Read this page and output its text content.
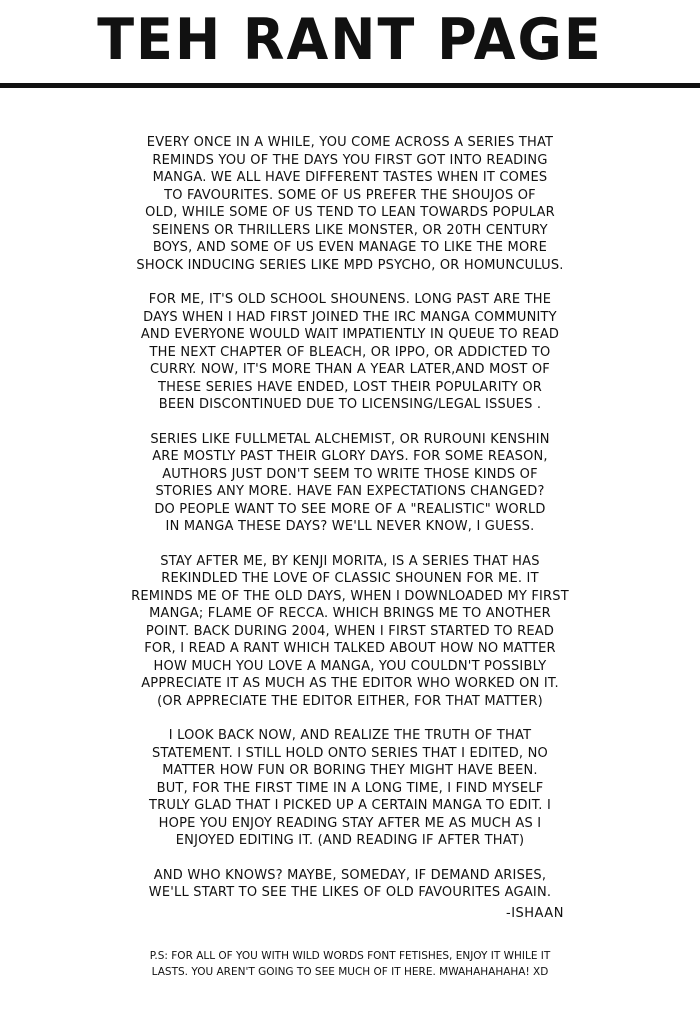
TEH RANT PAGE
EVERY ONCE IN A WHILE, YOU COME ACROSS A SERIES THAT
REMINDS YOU OF THE DAYS YOU FIRST GOT INTO READING
MANGA. WE ALL HAVE DIFFERENT TASTES WHEN IT COMES
TO FAVOURITES. SOME OF US PREFER THE SHOUJOS OF
OLD, WHILE SOME OF US TEND TO LEAN TOWARDS POPULAR
SEINENS OR THRILLERS LIKE MONSTER, OR 20TH CENTURY
BOYS, AND SOME OF US EVEN MANAGE TO LIKE THE MORE
SHOCK INDUCING SERIES LIKE MPD PSYCHO, OR HOMUNCULUS.
FOR ME, IT'S OLD SCHOOL SHOUNENS. LONG PAST ARE THE
DAYS WHEN I HAD FIRST JOINED THE IRC MANGA COMMUNITY
AND EVERYONE WOULD WAIT IMPATIENTLY IN QUEUE TO READ
THE NEXT CHAPTER OF BLEACH, OR IPPO, OR ADDICTED TO
CURRY. NOW, IT'S MORE THAN A YEAR LATER,AND MOST OF
THESE SERIES HAVE ENDED, LOST THEIR POPULARITY OR
BEEN DISCONTINUED DUE TO LICENSING/LEGAL ISSUES .
SERIES LIKE FULLMETAL ALCHEMIST, OR RUROUNI KENSHIN
ARE MOSTLY PAST THEIR GLORY DAYS. FOR SOME REASON,
AUTHORS JUST DON'T SEEM TO WRITE THOSE KINDS OF
STORIES ANY MORE. HAVE FAN EXPECTATIONS CHANGED?
DO PEOPLE WANT TO SEE MORE OF A "REALISTIC" WORLD
IN MANGA THESE DAYS? WE'LL NEVER KNOW, I GUESS.
STAY AFTER ME, BY KENJI MORITA, IS A SERIES THAT HAS
REKINDLED THE LOVE OF CLASSIC SHOUNEN FOR ME. IT
REMINDS ME OF THE OLD DAYS, WHEN I DOWNLOADED MY FIRST
MANGA; FLAME OF RECCA. WHICH BRINGS ME TO ANOTHER
POINT. BACK DURING 2004, WHEN I FIRST STARTED TO READ
FOR, I READ A RANT WHICH TALKED ABOUT HOW NO MATTER
HOW MUCH YOU LOVE A MANGA, YOU COULDN'T POSSIBLY
APPRECIATE IT AS MUCH AS THE EDITOR WHO WORKED ON IT.
(OR APPRECIATE THE EDITOR EITHER, FOR THAT MATTER)
I LOOK BACK NOW, AND REALIZE THE TRUTH OF THAT
STATEMENT. I STILL HOLD ONTO SERIES THAT I EDITED, NO
MATTER HOW FUN OR BORING THEY MIGHT HAVE BEEN.
BUT, FOR THE FIRST TIME IN A LONG TIME, I FIND MYSELF
TRULY GLAD THAT I PICKED UP A CERTAIN MANGA TO EDIT. I
HOPE YOU ENJOY READING STAY AFTER ME AS MUCH AS I
ENJOYED EDITING IT. (AND READING IF AFTER THAT)
AND WHO KNOWS? MAYBE, SOMEDAY, IF DEMAND ARISES,
WE'LL START TO SEE THE LIKES OF OLD FAVOURITES AGAIN.
-ISHAAN
P.S: FOR ALL OF YOU WITH WILD WORDS FONT FETISHES, ENJOY IT WHILE IT
LASTS. YOU AREN'T GOING TO SEE MUCH OF IT HERE. MWAHAHAHAHA! XD
